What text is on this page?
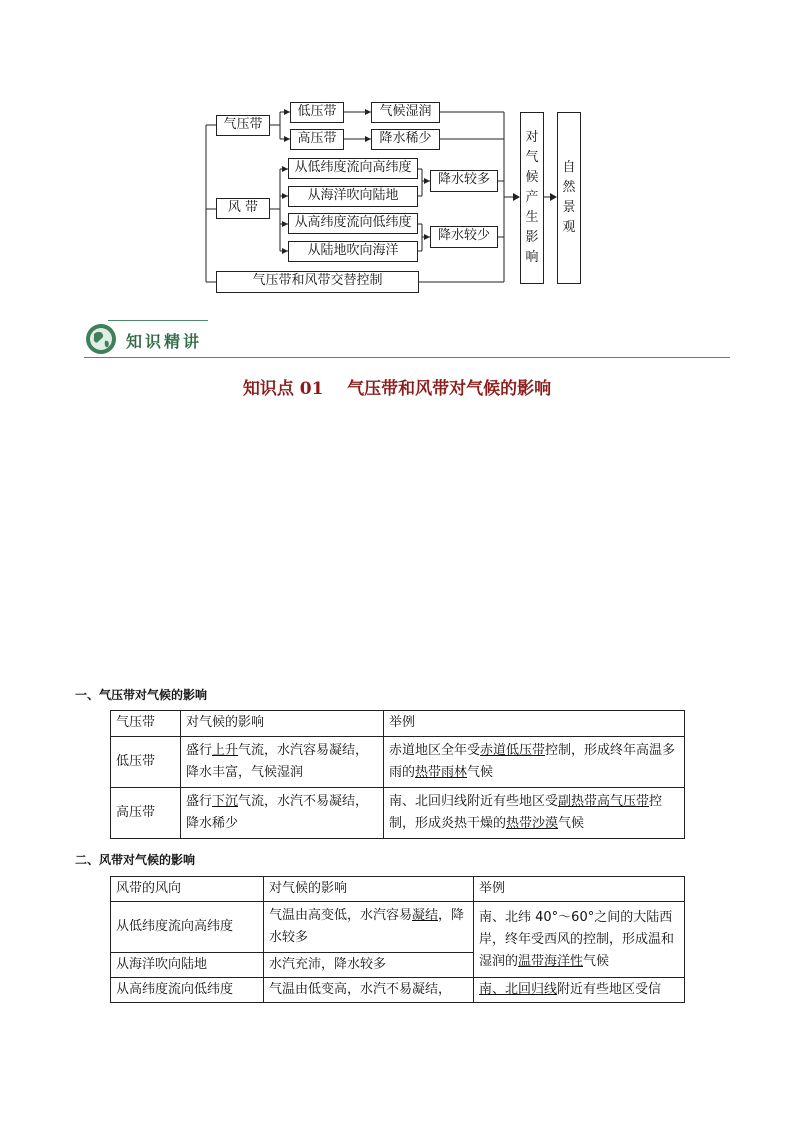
气压带
低压带
高压带
气候湿润
降水稀少
风 带
从低纬度流向高纬度
从海洋吹向陆地
从高纬度流向低纬度
从陆地吹向海洋
降水较多
降水较少
气压带和风带交替控制
对
气
候
产
生
影
响
自
然
景
观
知识精讲
知识点 01    气压带和风带对气候的影响
一、气压带对气候的影响
气压带	对气候的影响	举例
低压带	盛行上升气流，水汽容易凝结，降水丰富，气候湿润	赤道地区全年受赤道低压带控制，形成终年高温多雨的热带雨林气候
高压带	盛行下沉气流，水汽不易凝结，降水稀少	南、北回归线附近有些地区受副热带高气压带控制，形成炎热干燥的热带沙漠气候
二、风带对气候的影响
风带的风向	对气候的影响	举例
从低纬度流向高纬度	气温由高变低，水汽容易凝结，降水较多	南、北纬 40°～60°之间的大陆西岸，终年受西风的控制，形成温和湿润的温带海洋性气候
从海洋吹向陆地	水汽充沛，降水较多	
从高纬度流向低纬度	气温由低变高，水汽不易凝结，	南、北回归线附近有些地区受信
